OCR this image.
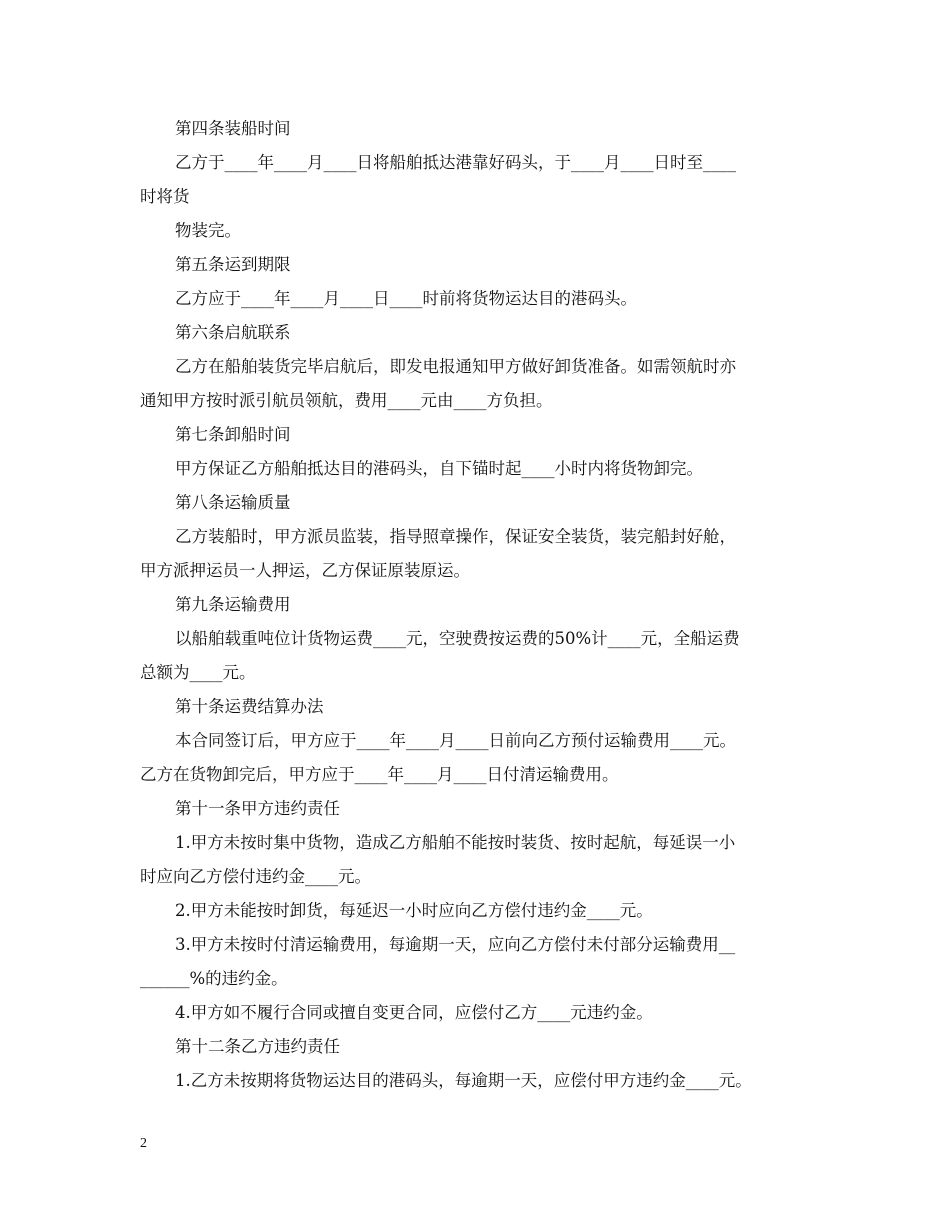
第四条装船时间
乙方于____年____月____日将船舶抵达港靠好码头，于____月____日时至____
时将货
物装完。
第五条运到期限
乙方应于____年____月____日____时前将货物运达目的港码头。
第六条启航联系
乙方在船舶装货完毕启航后，即发电报通知甲方做好卸货准备。如需领航时亦
通知甲方按时派引航员领航，费用____元由____方负担。
第七条卸船时间
甲方保证乙方船舶抵达目的港码头，自下锚时起____小时内将货物卸完。
第八条运输质量
乙方装船时，甲方派员监装，指导照章操作，保证安全装货，装完船封好舱，
甲方派押运员一人押运，乙方保证原装原运。
第九条运输费用
以船舶载重吨位计货物运费____元，空驶费按运费的50%计____元，全船运费
总额为____元。
第十条运费结算办法
本合同签订后，甲方应于____年____月____日前向乙方预付运输费用____元。
乙方在货物卸完后，甲方应于____年____月____日付清运输费用。
第十一条甲方违约责任
1.甲方未按时集中货物，造成乙方船舶不能按时装货、按时起航，每延误一小
时应向乙方偿付违约金____元。
2.甲方未能按时卸货，每延迟一小时应向乙方偿付违约金____元。
3.甲方未按时付清运输费用，每逾期一天，应向乙方偿付未付部分运输费用__
______%的违约金。
4.甲方如不履行合同或擅自变更合同，应偿付乙方____元违约金。
第十二条乙方违约责任
1.乙方未按期将货物运达目的港码头，每逾期一天，应偿付甲方违约金____元。
2
